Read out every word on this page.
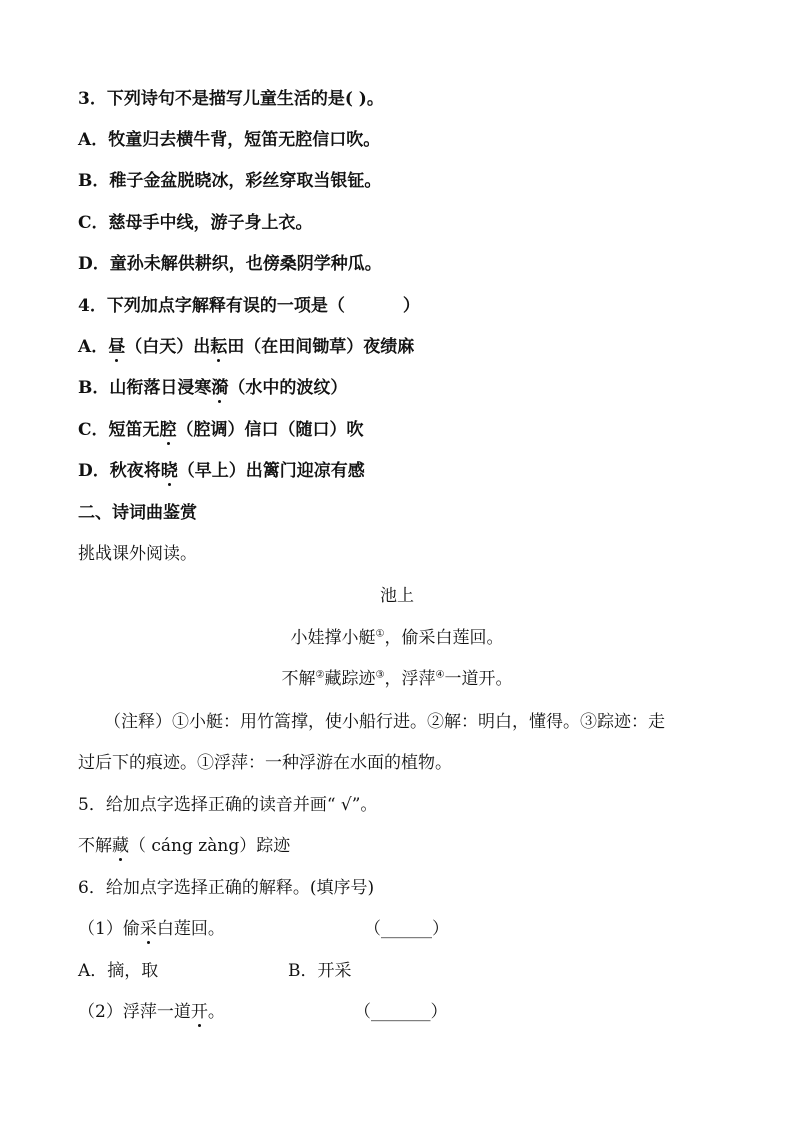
3．下列诗句不是描写儿童生活的是( )。
A．牧童归去横牛背，短笛无腔信口吹。
B．稚子金盆脱晓冰，彩丝穿取当银钲。
C．慈母手中线，游子身上衣。
D．童孙未解供耕织，也傍桑阴学种瓜。
4．下列加点字解释有误的一项是（	）
A．昼（白天）出耘田（在田间锄草）夜绩麻
B．山衔落日浸寒漪（水中的波纹）
C．短笛无腔（腔调）信口（随口）吹
D．秋夜将晓（早上）出篱门迎凉有感
二、诗词曲鉴赏
挑战课外阅读。
池上
小娃撑小艇①，偷采白莲回。
不解②藏踪迹③，浮萍④一道开。
（注释）①小艇：用竹篙撑，使小船行进。②解：明白，懂得。③踪迹：走
过后下的痕迹。①浮萍：一种浮游在水面的植物。
5．给加点字选择正确的读音并画“ √”。
不解藏（ cáng zàng）踪迹
6．给加点字选择正确的解释。(填序号)
（1）偷采白莲回。	（______）
A．摘，取	B．开采
（2）浮萍一道开。	（_______）
